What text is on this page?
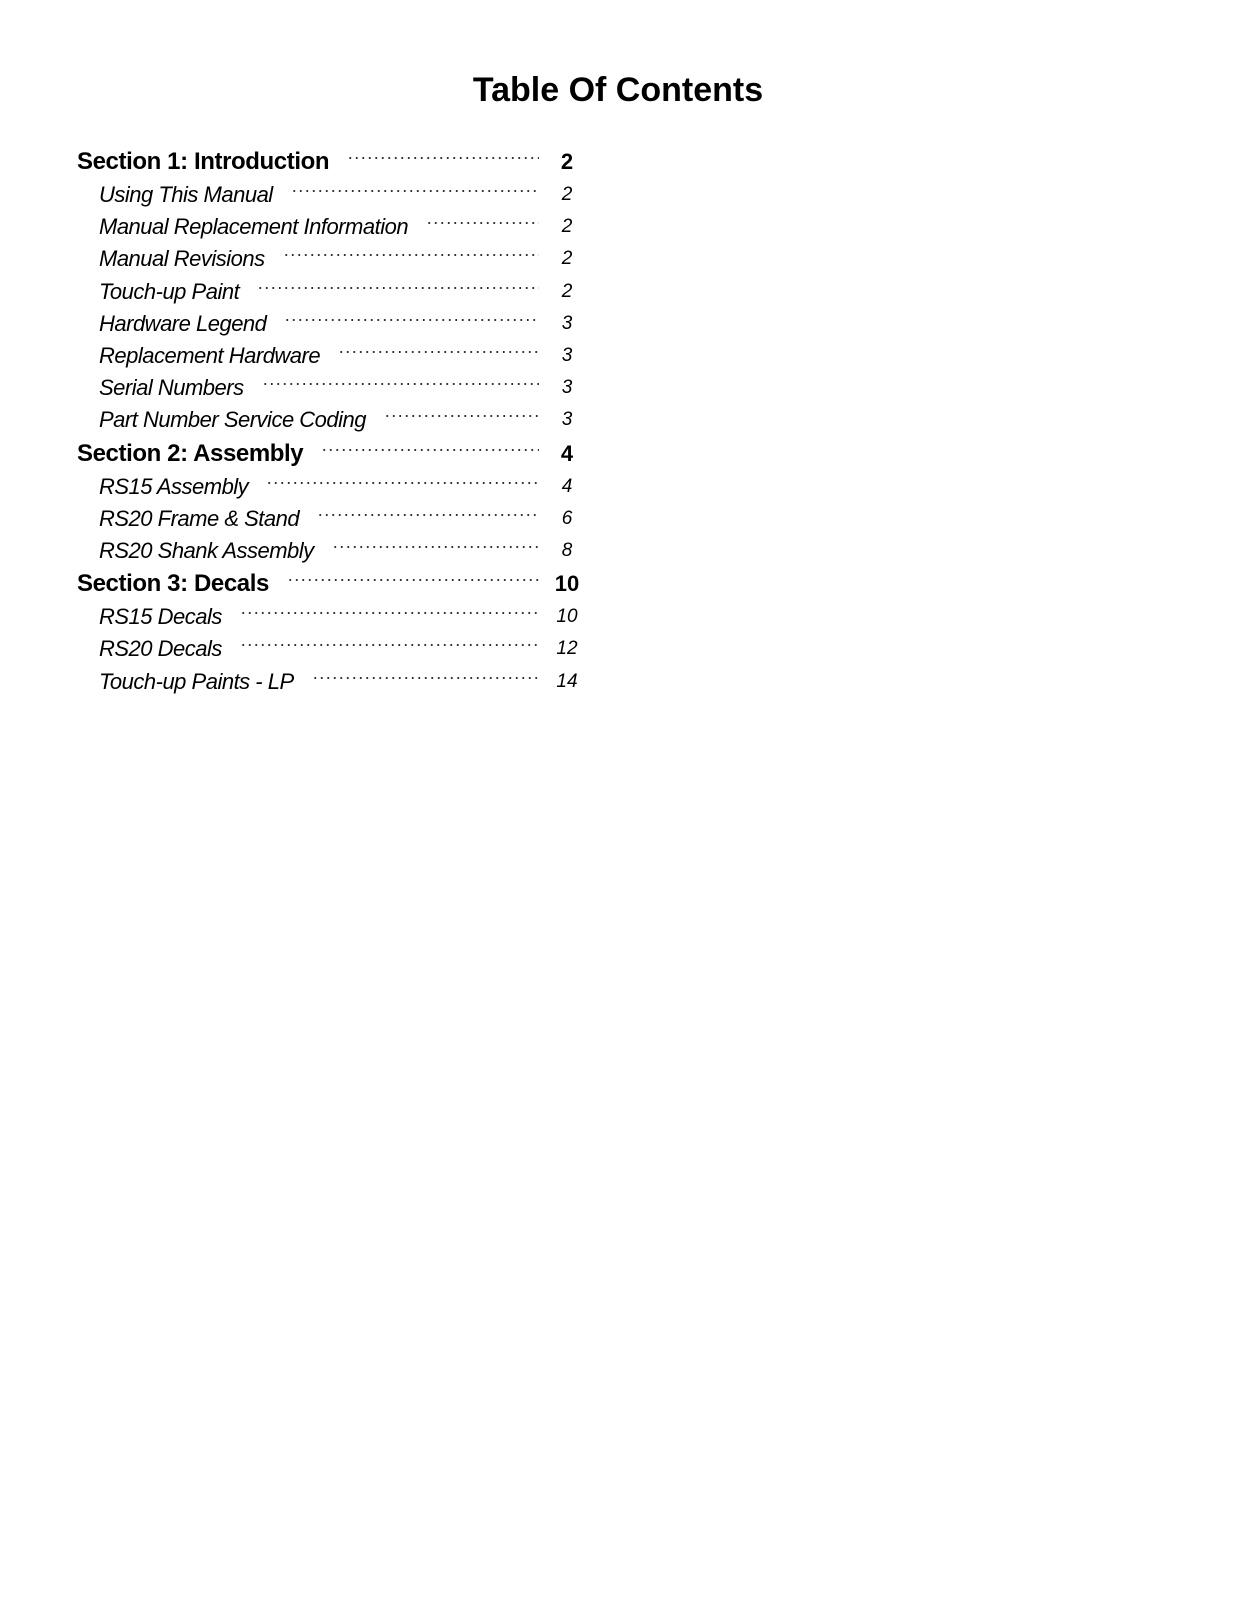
Table Of Contents
Section 1: Introduction	2
Using This Manual	2
Manual Replacement Information	2
Manual Revisions	2
Touch-up Paint	2
Hardware Legend	3
Replacement Hardware	3
Serial Numbers	3
Part Number Service Coding	3
Section 2: Assembly	4
RS15 Assembly	4
RS20 Frame & Stand	6
RS20 Shank Assembly	8
Section 3: Decals	10
RS15 Decals	10
RS20 Decals	12
Touch-up Paints - LP	14
